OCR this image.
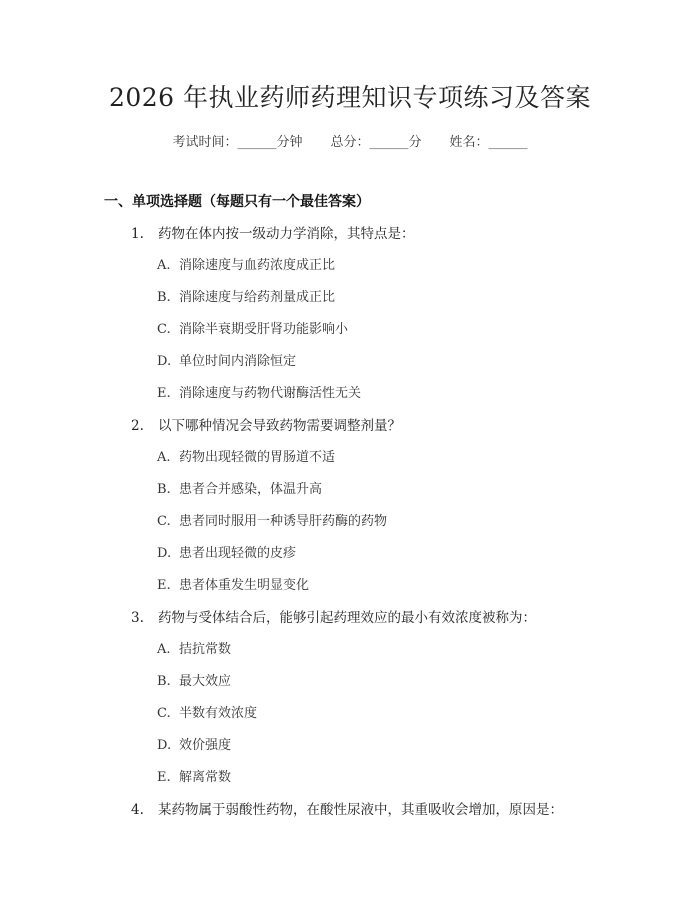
2026 年执业药师药理知识专项练习及答案
考试时间：______分钟 总分：______分 姓名：______
一、单项选择题（每题只有一个最佳答案）
1. 药物在体内按一级动力学消除，其特点是：
A. 消除速度与血药浓度成正比
B. 消除速度与给药剂量成正比
C. 消除半衰期受肝肾功能影响小
D. 单位时间内消除恒定
E. 消除速度与药物代谢酶活性无关
2. 以下哪种情况会导致药物需要调整剂量？
A. 药物出现轻微的胃肠道不适
B. 患者合并感染，体温升高
C. 患者同时服用一种诱导肝药酶的药物
D. 患者出现轻微的皮疹
E. 患者体重发生明显变化
3. 药物与受体结合后，能够引起药理效应的最小有效浓度被称为：
A. 拮抗常数
B. 最大效应
C. 半数有效浓度
D. 效价强度
E. 解离常数
4. 某药物属于弱酸性药物，在酸性尿液中，其重吸收会增加，原因是：
